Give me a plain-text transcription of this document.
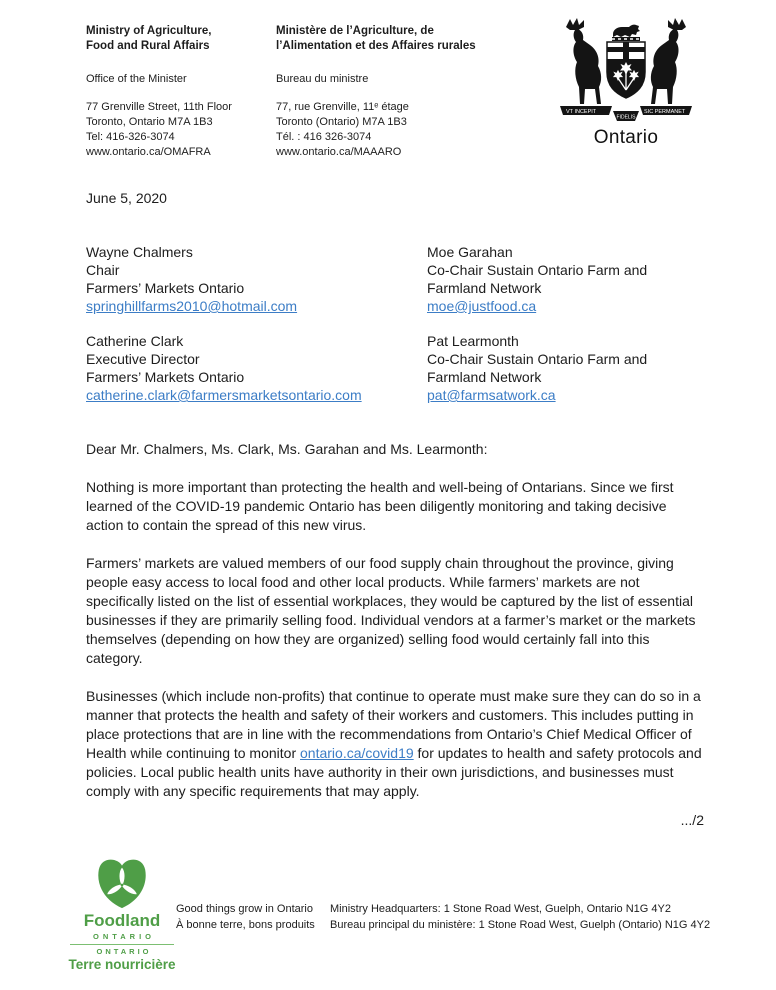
Ministry of Agriculture,
Food and Rural Affairs
Office of the Minister
77 Grenville Street, 11th Floor
Toronto, Ontario M7A 1B3
Tel: 416-326-3074
www.ontario.ca/OMAFRA
Ministère de l’Agriculture, de
l’Alimentation et des Affaires rurales
Bureau du ministre
77, rue Grenville, 11ᵉ étage
Toronto (Ontario) M7A 1B3
Tél. : 416 326-3074
www.ontario.ca/MAAARO
VT INCEPIT	SIC PERMANET
FIDELIS
Ontario
June 5, 2020
Wayne Chalmers
Chair
Farmers’ Markets Ontario
springhillfarms2010@hotmail.com
Moe Garahan
Co-Chair Sustain Ontario Farm and
Farmland Network
moe@justfood.ca
Catherine Clark
Executive Director
Farmers’ Markets Ontario
catherine.clark@farmersmarketsontario.com
Pat Learmonth
Co-Chair Sustain Ontario Farm and
Farmland Network
pat@farmsatwork.ca

Dear Mr. Chalmers, Ms. Clark, Ms. Garahan and Ms. Learmonth:

Nothing is more important than protecting the health and well-being of Ontarians. Since we first learned of the COVID-19 pandemic Ontario has been diligently monitoring and taking decisive action to contain the spread of this new virus.

Farmers’ markets are valued members of our food supply chain throughout the province, giving people easy access to local food and other local products. While farmers’ markets are not specifically listed on the list of essential workplaces, they would be captured by the list of essential businesses if they are primarily selling food. Individual vendors at a farmer’s market or the markets themselves (depending on how they are organized) selling food would certainly fall into this category.

Businesses (which include non-profits) that continue to operate must make sure they can do so in a manner that protects the health and safety of their workers and customers. This includes putting in place protections that are in line with the recommendations from Ontario’s Chief Medical Officer of Health while continuing to monitor ontario.ca/covid19 for updates to health and safety protocols and policies. Local public health units have authority in their own jurisdictions, and businesses must comply with any specific requirements that may apply.

.../2
Foodland
ONTARIO
ONTARIO
Terre nourricière
Good things grow in Ontario
À bonne terre, bons produits
Ministry Headquarters: 1 Stone Road West, Guelph, Ontario N1G 4Y2
Bureau principal du ministère: 1 Stone Road West, Guelph (Ontario) N1G 4Y2
